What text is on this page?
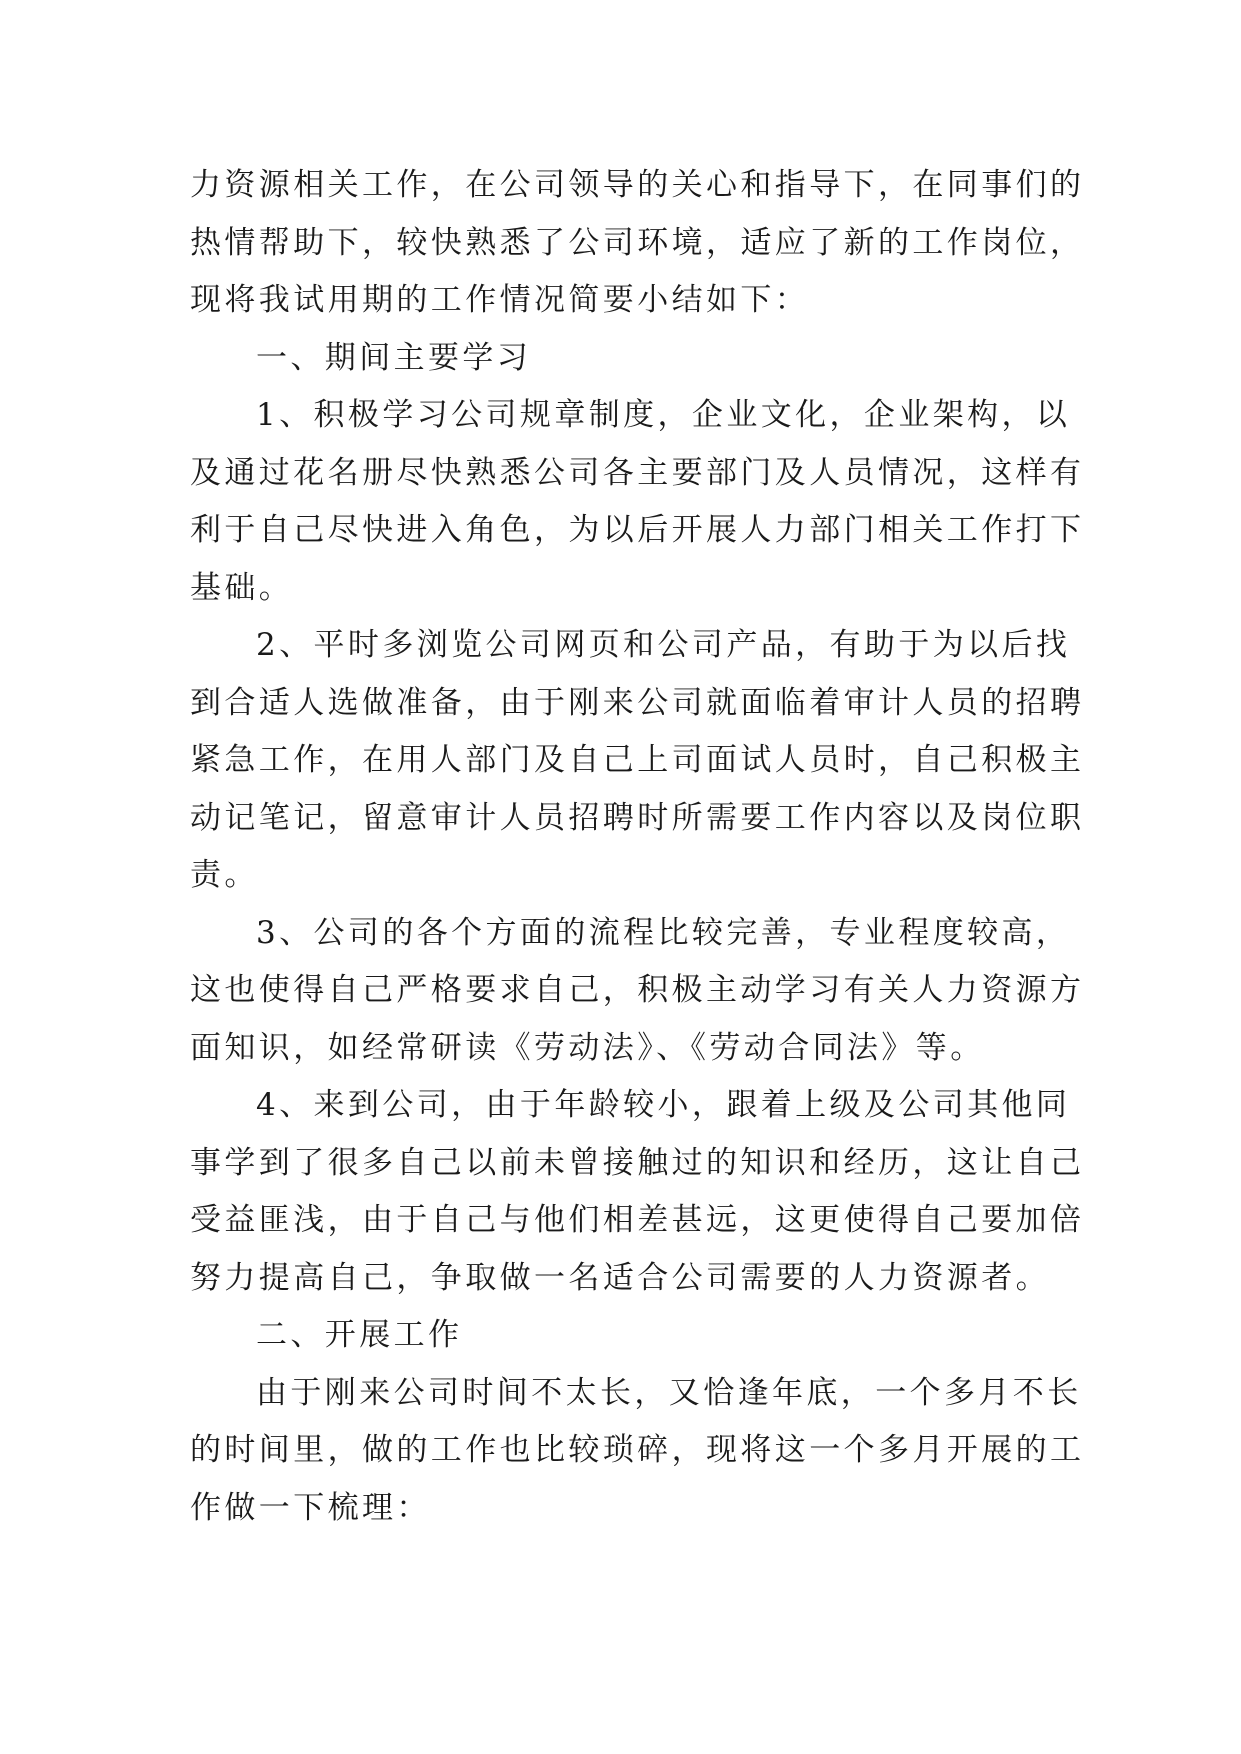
力资源相关工作，在公司领导的关心和指导下，在同事们的
热情帮助下，较快熟悉了公司环境，适应了新的工作岗位，
现将我试用期的工作情况简要小结如下：
一、期间主要学习
1、积极学习公司规章制度，企业文化，企业架构，以
及通过花名册尽快熟悉公司各主要部门及人员情况，这样有
利于自己尽快进入角色，为以后开展人力部门相关工作打下
基础。
2、平时多浏览公司网页和公司产品，有助于为以后找
到合适人选做准备，由于刚来公司就面临着审计人员的招聘
紧急工作，在用人部门及自己上司面试人员时，自己积极主
动记笔记，留意审计人员招聘时所需要工作内容以及岗位职
责。
3、公司的各个方面的流程比较完善，专业程度较高，
这也使得自己严格要求自己，积极主动学习有关人力资源方
面知识，如经常研读《劳动法》、《劳动合同法》等。
4、来到公司，由于年龄较小，跟着上级及公司其他同
事学到了很多自己以前未曾接触过的知识和经历，这让自己
受益匪浅，由于自己与他们相差甚远，这更使得自己要加倍
努力提高自己，争取做一名适合公司需要的人力资源者。
二、开展工作
由于刚来公司时间不太长，又恰逢年底，一个多月不长
的时间里，做的工作也比较琐碎，现将这一个多月开展的工
作做一下梳理：
